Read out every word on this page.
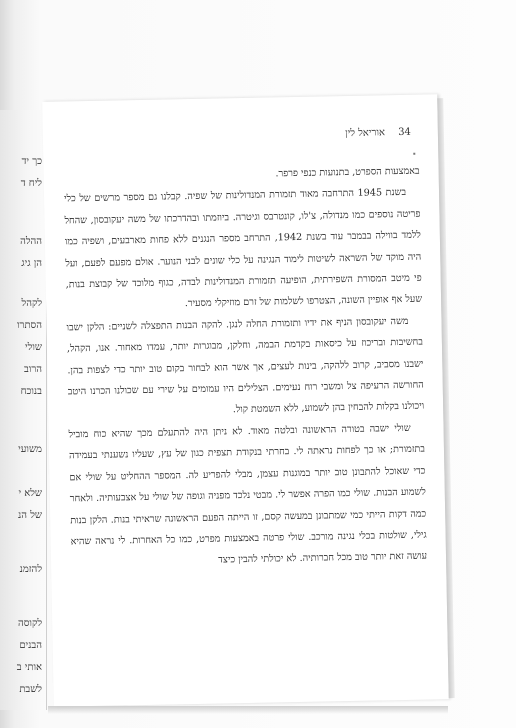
כך יד
ליח ד
ההלה
הן גיג
לקהל
הסתרו
שולי
הרוב
בנוכח
משועי
שלא י
של הנ
להזמנ
לקוסה
הבנים
אותי ב
לשבת
34 אוריאל לין

באמצעות הספרט, בתנועות כנפי פרפר.

בשנת 1945 התרחבה מאוד תזמורת המנדולינות של שפיה. קבלנו גם מספר מרשים של כלי פריטה נוספים כמו מנדולה, צ'לו, קונטרבס וגיטרה. ביוזמתו ובהדרכתו של משה יעקובסון, שהחל ללמד בווילה בבמבר עוד בשנת 1942, התרחב מספר הנגנים ללא פחות מארבעים, ושפיה כמו היה מוקד של השראה לשיטות לימוד הנגינה על כלי שונים לבני הנוער. אולם מפעם לפעם, ועל פי מיטב המסורת השפירתית, הופיעה תזמורת המנדולינות לבדה, כגוף מלוכד של קבוצת בנות, שעל אף אופיין השונה, הצטרפו לשלמות של זרם מוזיקלי מסעיר.

משה יעקובסון הניף את ידיו ותזמורת החלה לנגן. להקה הבנות התפצלה לשניים: הלקן ישבו בחשיבות ובריכוז על כיסאות בקדמת הבמה, וחלקן, מבוגרות יותר, עמדו מאחור. אנו, הקהל, ישבנו מסביב, קרוב ללהקה, בינות לעצים, אך אשר הוא לבחור בקום טוב יותר כדי לצפות בהן. החורשה הרעיפה צל ומשבי רוח נעימים. הצלילים היו עמומים על שירי עם שכולנו הכרנו היטב ויכולנו בקלות להבחין בהן לשמוע, ללא השמטת קול.

שולי ישבה בטורה הראשונה ובלטה מאוד. לא ניתן היה להתעלם מכך שהיא כוח מוביל בתזמורת; או כך לפחות נראתה לי. בחרתי בנקודת תצפית כגון של עץ, שעליו נשענתי בעמידה כדי שאוכל להתבונן טוב יותר במוגנות עצמן, מבלי להפריע לה. המספר ההחליט על שולי אם לשמוע הבנות. שולי כמו הפרה אפשר לי. מבטי נלכד מפניה וגופה של שולי על אצבעותיה. ולאחר כמה דקות הייתי כמי שמתבונן במעשה קסם, זו הייתה הפעם הראשונה שראיתי בנות. הלקן בנות גילי, שולטות בכלי נגינה מורכב. שולי פרטה באמצעות מפרט, כמו כל האחרות. לי נראה שהיא עושה זאת יותר טוב מכל חברותיה. לא יכולתי להבין כיצד
